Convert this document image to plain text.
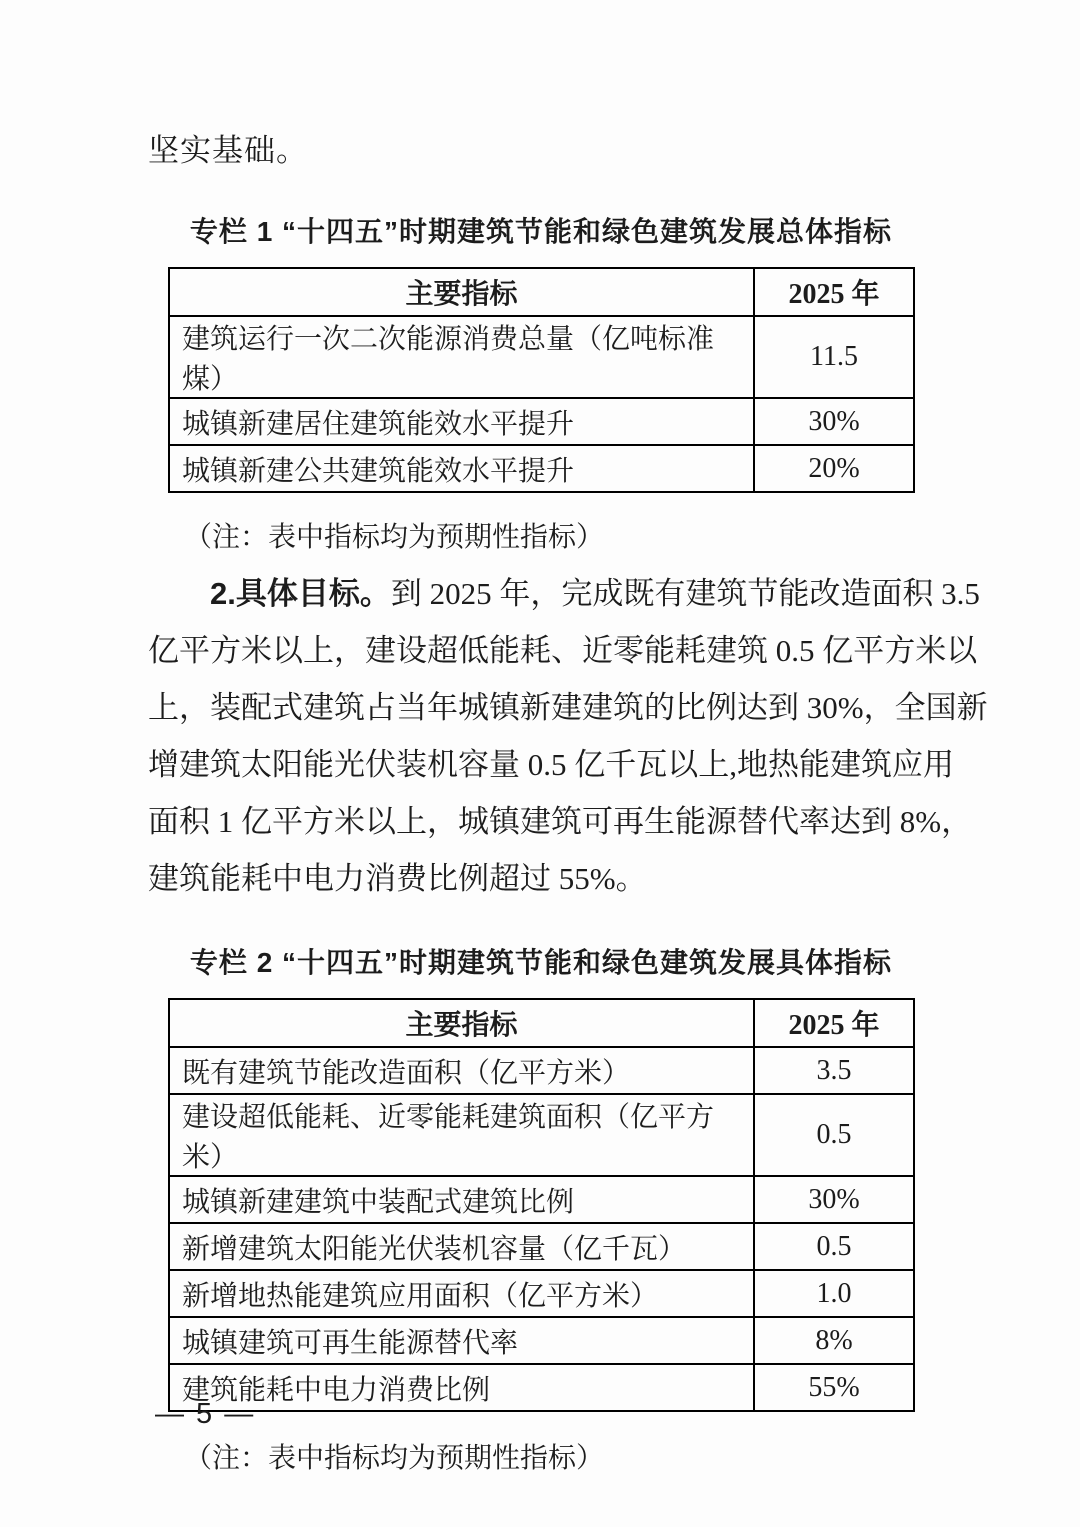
坚实基础。
专栏 1 “十四五”时期建筑节能和绿色建筑发展总体指标
主要指标	2025 年
建筑运行一次二次能源消费总量（亿吨标准煤）	11.5
城镇新建居住建筑能效水平提升	30%
城镇新建公共建筑能效水平提升	20%
（注：表中指标均为预期性指标）
2.具体目标。到 2025 年，完成既有建筑节能改造面积 3.5
亿平方米以上，建设超低能耗、近零能耗建筑 0.5 亿平方米以
上，装配式建筑占当年城镇新建建筑的比例达到 30%，全国新
增建筑太阳能光伏装机容量 0.5 亿千瓦以上,地热能建筑应用
面积 1 亿平方米以上，城镇建筑可再生能源替代率达到 8%，
建筑能耗中电力消费比例超过 55%。
专栏 2 “十四五”时期建筑节能和绿色建筑发展具体指标
主要指标	2025 年
既有建筑节能改造面积（亿平方米）	3.5
建设超低能耗、近零能耗建筑面积（亿平方米）	0.5
城镇新建建筑中装配式建筑比例	30%
新增建筑太阳能光伏装机容量（亿千瓦）	0.5
新增地热能建筑应用面积（亿平方米）	1.0
城镇建筑可再生能源替代率	8%
建筑能耗中电力消费比例	55%
（注：表中指标均为预期性指标）
— 5 —
